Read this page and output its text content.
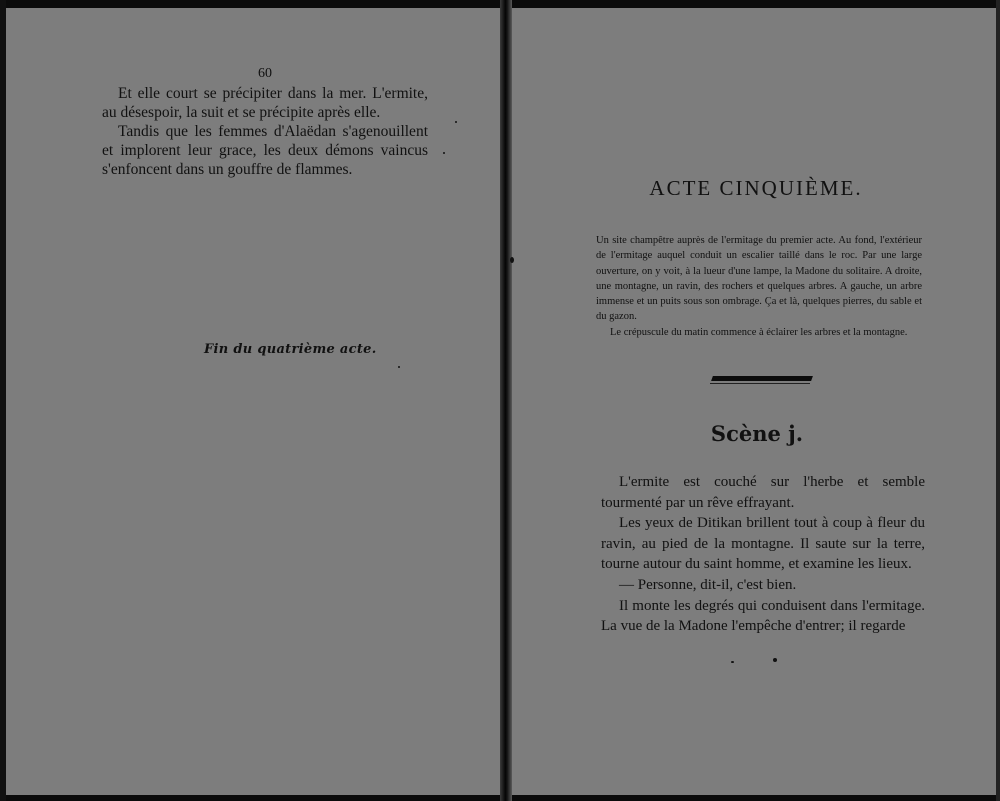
60

Et elle court se précipiter dans la mer. L'ermite, au désespoir, la suit et se précipite après elle.

Tandis que les femmes d'Alaëdan s'agenouillent et implorent leur grace, les deux démons vaincus s'enfoncent dans un gouffre de flammes.

Fin du quatrième acte.
ACTE CINQUIÈME.

Un site champêtre auprès de l'ermitage du premier acte. Au fond, l'extérieur de l'ermitage auquel conduit un escalier taillé dans le roc. Par une large ouverture, on y voit, à la lueur d'une lampe, la Madone du solitaire. A droite, une montagne, un ravin, des rochers et quelques arbres. A gauche, un arbre immense et un puits sous son ombrage. Ça et là, quelques pierres, du sable et du gazon.

Le crépuscule du matin commence à éclairer les arbres et la montagne.

Scène j.

L'ermite est couché sur l'herbe et semble tourmenté par un rêve effrayant.

Les yeux de Ditikan brillent tout à coup à fleur du ravin, au pied de la montagne. Il saute sur la terre, tourne autour du saint homme, et examine les lieux.

— Personne, dit-il, c'est bien.

Il monte les degrés qui conduisent dans l'ermitage. La vue de la Madone l'empêche d'entrer; il regarde
